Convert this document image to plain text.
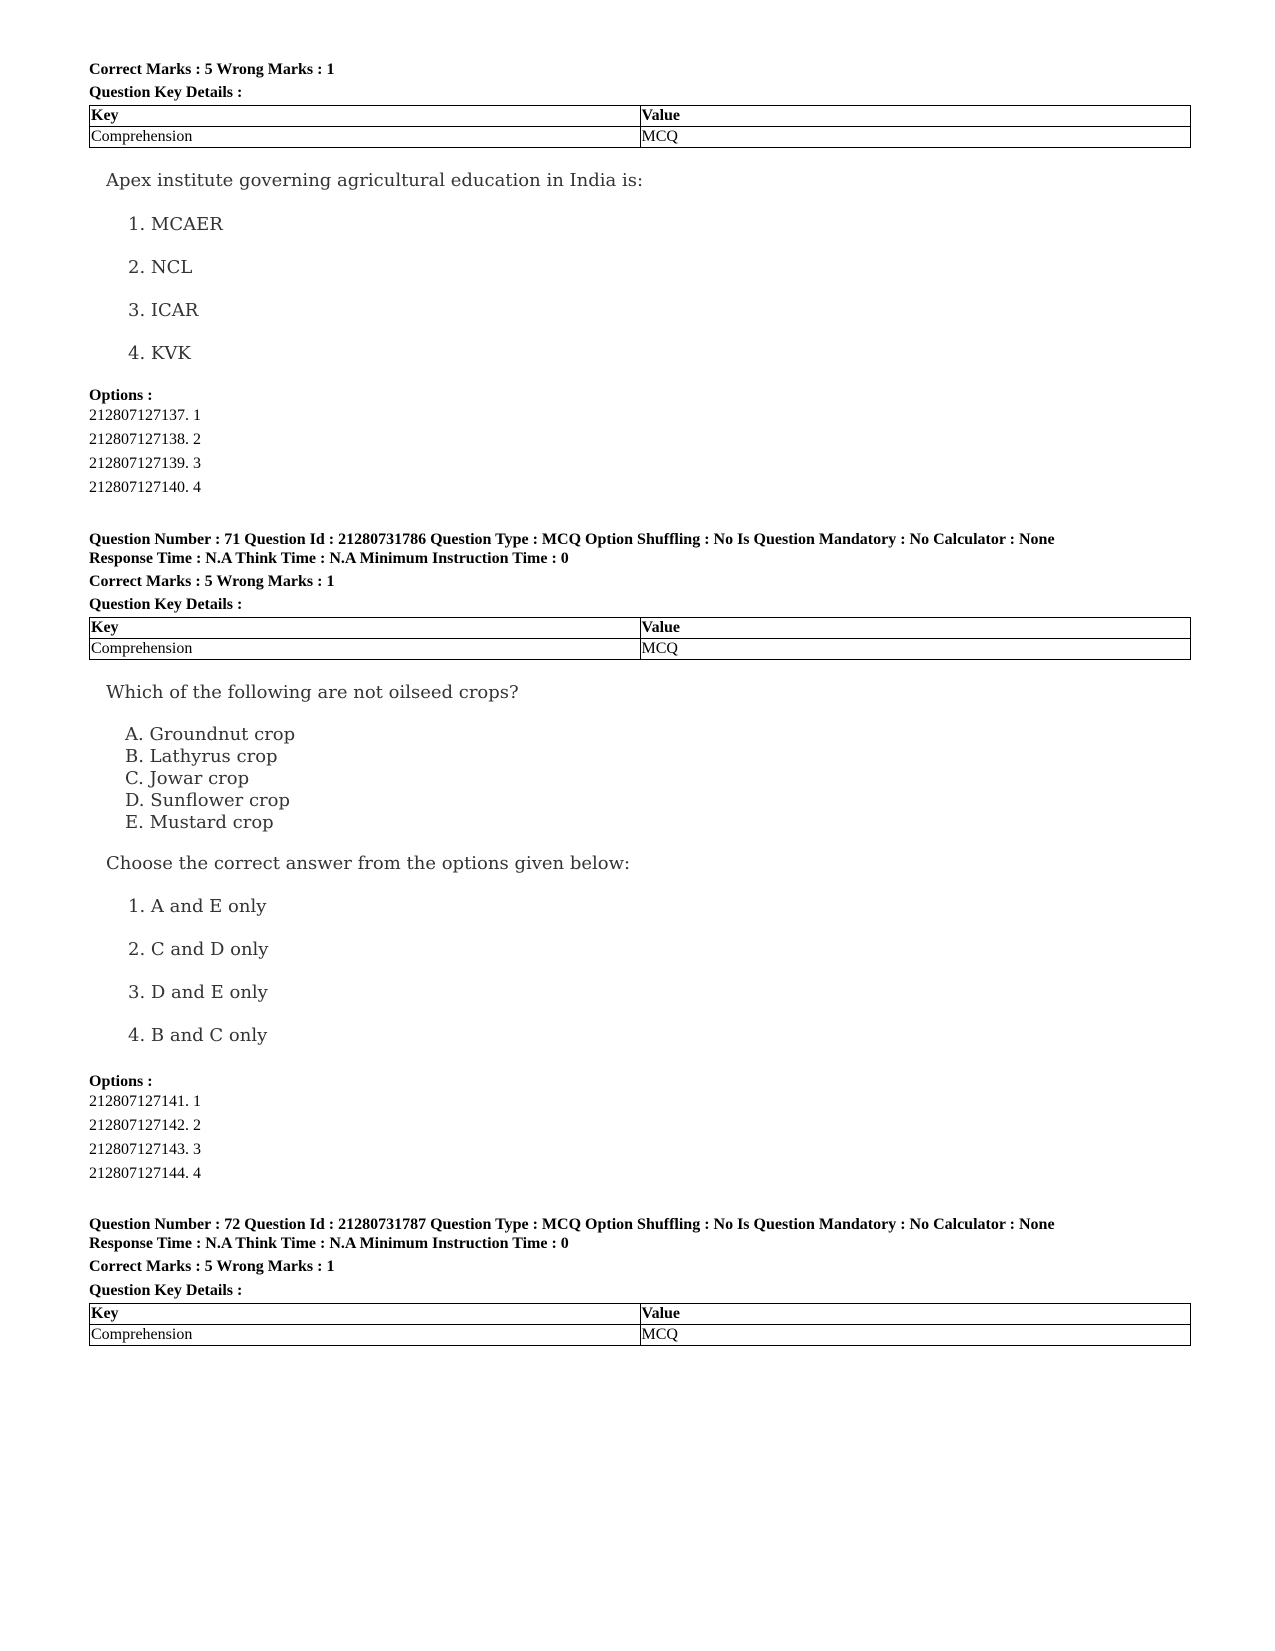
Correct Marks : 5 Wrong Marks : 1
Question Key Details :
Key	Value
Comprehension	MCQ
Apex institute governing agricultural education in India is:
1. MCAER
2. NCL
3. ICAR
4. KVK
Options :
212807127137. 1
212807127138. 2
212807127139. 3
212807127140. 4
Question Number : 71 Question Id : 21280731786 Question Type : MCQ Option Shuffling : No Is Question Mandatory : No Calculator : None
Response Time : N.A Think Time : N.A Minimum Instruction Time : 0
Correct Marks : 5 Wrong Marks : 1
Question Key Details :
Key	Value
Comprehension	MCQ
Which of the following are not oilseed crops?
A. Groundnut crop
B. Lathyrus crop
C. Jowar crop
D. Sunflower crop
E. Mustard crop
Choose the correct answer from the options given below:
1. A and E only
2. C and D only
3. D and E only
4. B and C only
Options :
212807127141. 1
212807127142. 2
212807127143. 3
212807127144. 4
Question Number : 72 Question Id : 21280731787 Question Type : MCQ Option Shuffling : No Is Question Mandatory : No Calculator : None
Response Time : N.A Think Time : N.A Minimum Instruction Time : 0
Correct Marks : 5 Wrong Marks : 1
Question Key Details :
Key	Value
Comprehension	MCQ
